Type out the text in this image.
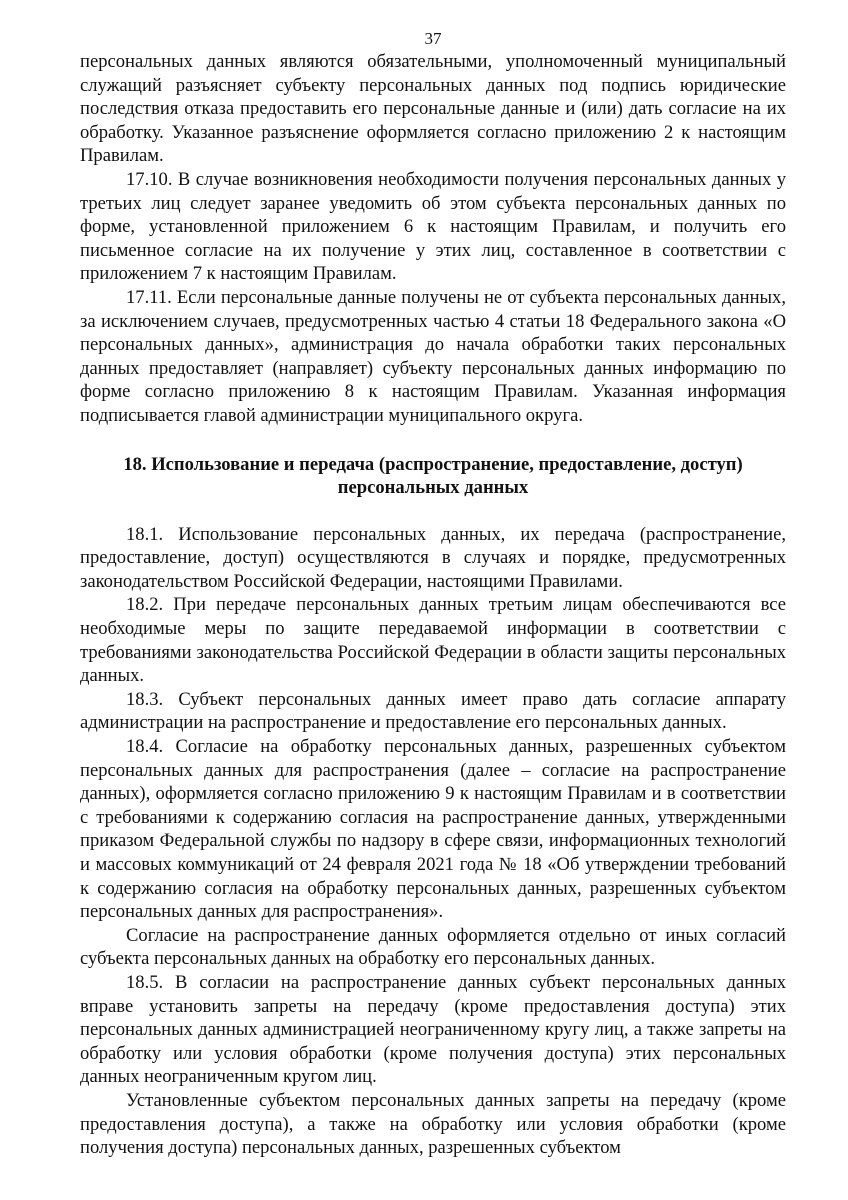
37

персональных данных являются обязательными, уполномоченный муниципальный служащий разъясняет субъекту персональных данных под подпись юридические последствия отказа предоставить его персональные данные и (или) дать согласие на их обработку. Указанное разъяснение оформляется согласно приложению 2 к настоящим Правилам.

17.10. В случае возникновения необходимости получения персональных данных у третьих лиц следует заранее уведомить об этом субъекта персональных данных по форме, установленной приложением 6 к настоящим Правилам, и получить его письменное согласие на их получение у этих лиц, составленное в соответствии с приложением 7 к настоящим Правилам.

17.11. Если персональные данные получены не от субъекта персональных данных, за исключением случаев, предусмотренных частью 4 статьи 18 Федерального закона «О персональных данных», администрация до начала обработки таких персональных данных предоставляет (направляет) субъекту персональных данных информацию по форме согласно приложению 8 к настоящим Правилам. Указанная информация подписывается главой администрации муниципального округа.

18. Использование и передача (распространение, предоставление, доступ) персональных данных

18.1. Использование персональных данных, их передача (распространение, предоставление, доступ) осуществляются в случаях и порядке, предусмотренных законодательством Российской Федерации, настоящими Правилами.

18.2. При передаче персональных данных третьим лицам обеспечиваются все необходимые меры по защите передаваемой информации в соответствии с требованиями законодательства Российской Федерации в области защиты персональных данных.

18.3. Субъект персональных данных имеет право дать согласие аппарату администрации на распространение и предоставление его персональных данных.

18.4. Согласие на обработку персональных данных, разрешенных субъектом персональных данных для распространения (далее – согласие на распространение данных), оформляется согласно приложению 9 к настоящим Правилам и в соответствии с требованиями к содержанию согласия на распространение данных, утвержденными приказом Федеральной службы по надзору в сфере связи, информационных технологий и массовых коммуникаций от 24 февраля 2021 года № 18 «Об утверждении требований к содержанию согласия на обработку персональных данных, разрешенных субъектом персональных данных для распространения».

Согласие на распространение данных оформляется отдельно от иных согласий субъекта персональных данных на обработку его персональных данных.

18.5. В согласии на распространение данных субъект персональных данных вправе установить запреты на передачу (кроме предоставления доступа) этих персональных данных администрацией неограниченному кругу лиц, а также запреты на обработку или условия обработки (кроме получения доступа) этих персональных данных неограниченным кругом лиц.

Установленные субъектом персональных данных запреты на передачу (кроме предоставления доступа), а также на обработку или условия обработки (кроме получения доступа) персональных данных, разрешенных субъектом
